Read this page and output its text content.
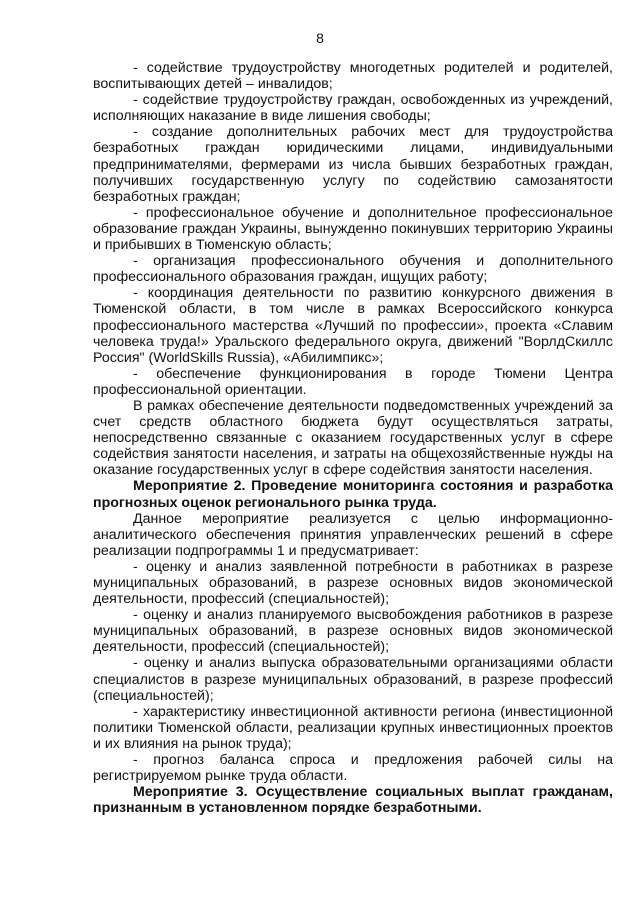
8

- содействие трудоустройству многодетных родителей и родителей, воспитывающих детей – инвалидов;

- содействие трудоустройству граждан, освобожденных из учреждений, исполняющих наказание в виде лишения свободы;

- создание дополнительных рабочих мест для трудоустройства безработных граждан юридическими лицами, индивидуальными предпринимателями, фермерами из числа бывших безработных граждан, получивших государственную услугу по содействию самозанятости безработных граждан;

- профессиональное обучение и дополнительное профессиональное образование граждан Украины, вынужденно покинувших территорию Украины и прибывших в Тюменскую область;

- организация профессионального обучения и дополнительного профессионального образования граждан, ищущих работу;

- координация деятельности по развитию конкурсного движения в Тюменской области, в том числе в рамках Всероссийского конкурса профессионального мастерства «Лучший по профессии», проекта «Славим человека труда!» Уральского федерального округа, движений "ВорлдСкиллс Россия" (WorldSkills Russia), «Абилимпикс»;

- обеспечение функционирования в городе Тюмени Центра профессиональной ориентации.

В рамках обеспечение деятельности подведомственных учреждений за счет средств областного бюджета будут осуществляться затраты, непосредственно связанные с оказанием государственных услуг в сфере содействия занятости населения, и затраты на общехозяйственные нужды на оказание государственных услуг в сфере содействия занятости населения.

Мероприятие 2. Проведение мониторинга состояния и разработка прогнозных оценок регионального рынка труда.

Данное мероприятие реализуется с целью информационно-аналитического обеспечения принятия управленческих решений в сфере реализации подпрограммы 1 и предусматривает:

- оценку и анализ заявленной потребности в работниках в разрезе муниципальных образований, в разрезе основных видов экономической деятельности, профессий (специальностей);

- оценку и анализ планируемого высвобождения работников в разрезе муниципальных образований, в разрезе основных видов экономической деятельности, профессий (специальностей);

- оценку и анализ выпуска образовательными организациями области специалистов в разрезе муниципальных образований, в разрезе профессий (специальностей);

- характеристику инвестиционной активности региона (инвестиционной политики Тюменской области, реализации крупных инвестиционных проектов и их влияния на рынок труда);

- прогноз баланса спроса и предложения рабочей силы на регистрируемом рынке труда области.

Мероприятие 3. Осуществление социальных выплат гражданам, признанным в установленном порядке безработными.
